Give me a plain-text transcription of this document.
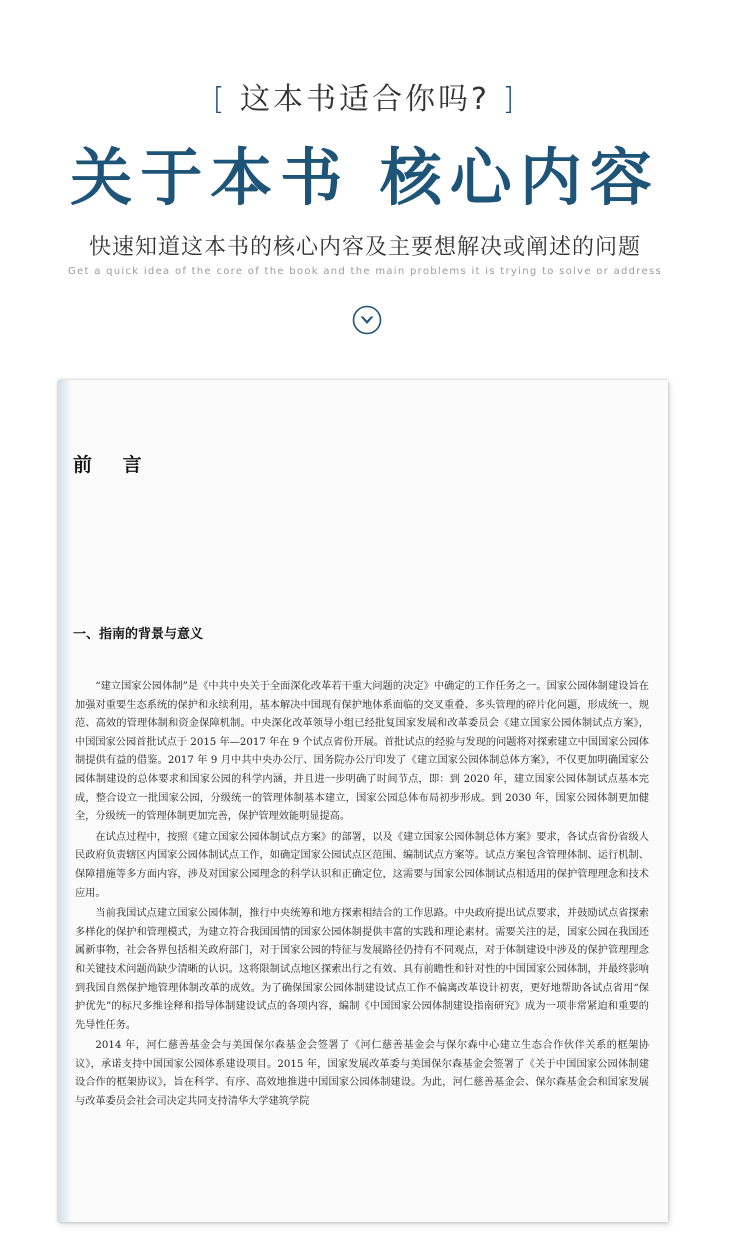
[ 这本书适合你吗? ]
关于本书 核心内容
快速知道这本书的核心内容及主要想解决或阐述的问题
Get a quick idea of the core of the book and the main problems it is trying to solve or address
前 言
一、指南的背景与意义

“建立国家公园体制”是《中共中央关于全面深化改革若干重大问题的决定》中确定的工作任务之一。国家公园体制建设旨在加强对重要生态系统的保护和永续利用，基本解决中国现有保护地体系面临的交叉重叠、多头管理的碎片化问题，形成统一、规范、高效的管理体制和资金保障机制。中央深化改革领导小组已经批复国家发展和改革委员会《建立国家公园体制试点方案》，中国国家公园首批试点于 2015 年—2017 年在 9 个试点省份开展。首批试点的经验与发现的问题将对探索建立中国国家公园体制提供有益的借鉴。2017 年 9 月中共中央办公厅、国务院办公厅印发了《建立国家公园体制总体方案》，不仅更加明确国家公园体制建设的总体要求和国家公园的科学内涵，并且进一步明确了时间节点，即：到 2020 年，建立国家公园体制试点基本完成，整合设立一批国家公园，分级统一的管理体制基本建立，国家公园总体布局初步形成。到 2030 年，国家公园体制更加健全，分级统一的管理体制更加完善，保护管理效能明显提高。

在试点过程中，按照《建立国家公园体制试点方案》的部署，以及《建立国家公园体制总体方案》要求，各试点省份省级人民政府负责辖区内国家公园体制试点工作，如确定国家公园试点区范围、编制试点方案等。试点方案包含管理体制、运行机制、保障措施等多方面内容，涉及对国家公园理念的科学认识和正确定位，这需要与国家公园体制试点相适用的保护管理理念和技术应用。

当前我国试点建立国家公园体制，推行中央统筹和地方探索相结合的工作思路。中央政府提出试点要求，并鼓励试点省探索多样化的保护和管理模式，为建立符合我国国情的国家公园体制提供丰富的实践和理论素材。需要关注的是，国家公园在我国还属新事物，社会各界包括相关政府部门，对于国家公园的特征与发展路径仍持有不同观点，对于体制建设中涉及的保护管理理念和关键技术问题尚缺少清晰的认识。这将限制试点地区探索出行之有效、具有前瞻性和针对性的中国国家公园体制，并最终影响到我国自然保护地管理体制改革的成效。为了确保国家公园体制建设试点工作不偏离改革设计初衷，更好地帮助各试点省用“保护优先”的标尺多维诠释和指导体制建设试点的各项内容，编制《中国国家公园体制建设指南研究》成为一项非常紧迫和重要的先导性任务。

2014 年，河仁慈善基金会与美国保尔森基金会签署了《河仁慈善基金会与保尔森中心建立生态合作伙伴关系的框架协议》，承诺支持中国国家公园体系建设项目。2015 年，国家发展改革委与美国保尔森基金会签署了《关于中国国家公园体制建设合作的框架协议》，旨在科学、有序、高效地推进中国国家公园体制建设。为此，河仁慈善基金会、保尔森基金会和国家发展与改革委员会社会司决定共同支持清华大学建筑学院
